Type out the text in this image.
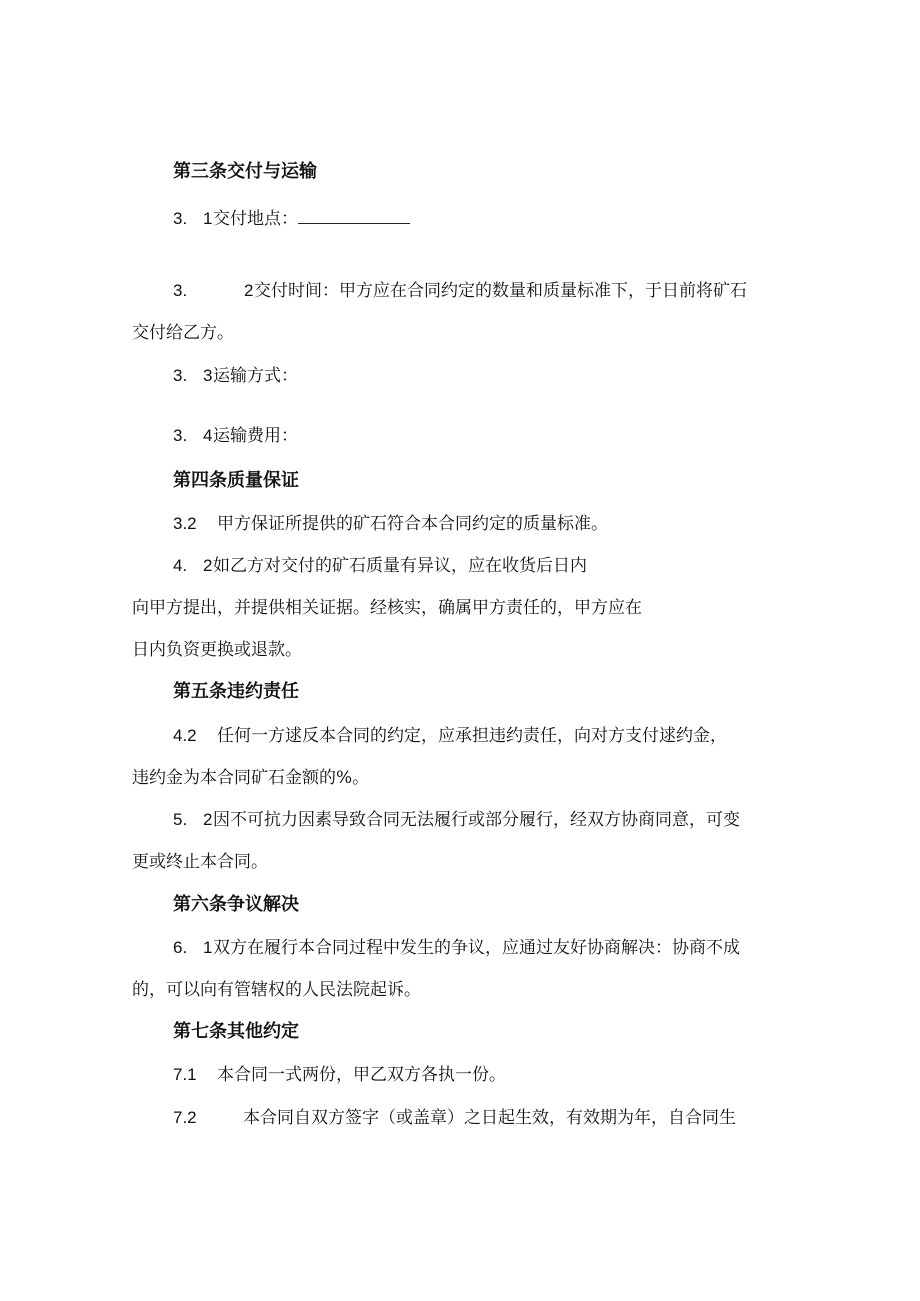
第三条交付与运输
3. 1交付地点：
3.	2交付时间：甲方应在合同约定的数量和质量标准下，于日前将矿石
交付给乙方。
3. 3运输方式：
3. 4运输费用：
第四条质量保证
3.2 甲方保证所提供的矿石符合本合同约定的质量标准。
4. 2如乙方对交付的矿石质量有异议，应在收货后日内
向甲方提出，并提供相关证据。经核实，确属甲方责任的，甲方应在
日内负资更换或退款。
第五条违约责任
4.2 任何一方逑反本合同的约定，应承担违约责任，向对方支付逑约金，
违约金为本合同矿石金额的%。
5. 2因不可抗力因素导致合同无法履行或部分履行，经双方协商同意，可变
更或终止本合同。
第六条争议解决
6. 1双方在履行本合同过程中发生的争议，应通过友好协商解决：协商不成
的，可以向有管辖权的人民法院起诉。
第七条其他约定
7.1 本合同一式两份，甲乙双方各执一份。
7.2	本合同自双方签字（或盖章）之日起生效，有效期为年，自合同生
